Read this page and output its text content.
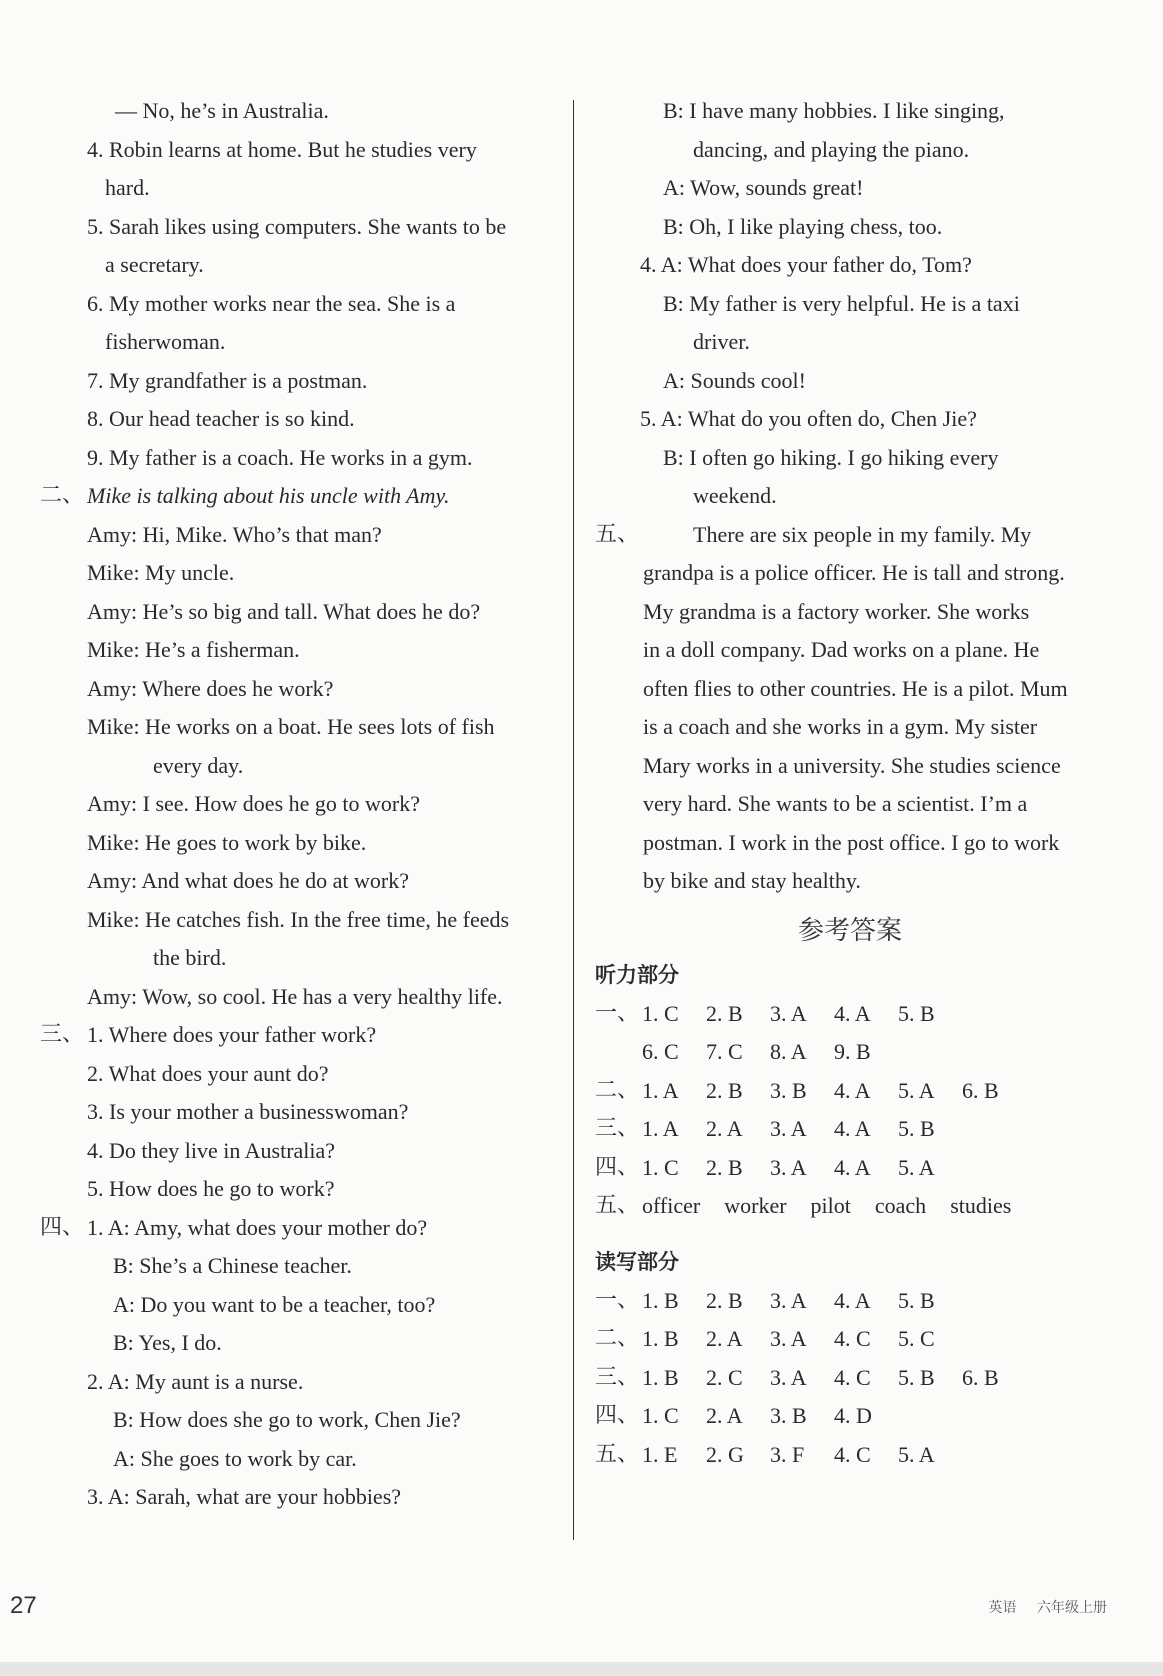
— No, he’s in Australia.
4. Robin learns at home. But he studies very
hard.
5. Sarah likes using computers. She wants to be
a secretary.
6. My mother works near the sea. She is a
fisherwoman.
7. My grandfather is a postman.
8. Our head teacher is so kind.
9. My father is a coach. He works in a gym.
二、 Mike is talking about his uncle with Amy.
Amy: Hi, Mike. Who’s that man?
Mike: My uncle.
Amy: He’s so big and tall. What does he do?
Mike: He’s a fisherman.
Amy: Where does he work?
Mike: He works on a boat. He sees lots of fish
every day.
Amy: I see. How does he go to work?
Mike: He goes to work by bike.
Amy: And what does he do at work?
Mike: He catches fish. In the free time, he feeds
the bird.
Amy: Wow, so cool. He has a very healthy life.
三、 1. Where does your father work?
2. What does your aunt do?
3. Is your mother a businesswoman?
4. Do they live in Australia?
5. How does he go to work?
四、 1. A: Amy, what does your mother do?
B: She’s a Chinese teacher.
A: Do you want to be a teacher, too?
B: Yes, I do.
2. A: My aunt is a nurse.
B: How does she go to work, Chen Jie?
A: She goes to work by car.
3. A: Sarah, what are your hobbies?
B: I have many hobbies. I like singing,
dancing, and playing the piano.
A: Wow, sounds great!
B: Oh, I like playing chess, too.
4. A: What does your father do, Tom?
B: My father is very helpful. He is a taxi
driver.
A: Sounds cool!
5. A: What do you often do, Chen Jie?
B: I often go hiking. I go hiking every
weekend.
五、 There are six people in my family. My
grandpa is a police officer. He is tall and strong.
My grandma is a factory worker. She works
in a doll company. Dad works on a plane. He
often flies to other countries. He is a pilot. Mum
is a coach and she works in a gym. My sister
Mary works in a university. She studies science
very hard. She wants to be a scientist. I’m a
postman. I work in the post office. I go to work
by bike and stay healthy.
参考答案
听力部分
一、 1. C 2. B 3. A 4. A 5. B
6. C 7. C 8. A 9. B
二、 1. A 2. B 3. B 4. A 5. A 6. B
三、 1. A 2. A 3. A 4. A 5. B
四、 1. C 2. B 3. A 4. A 5. A
五、 officer worker pilot coach studies
读写部分
一、 1. B 2. B 3. A 4. A 5. B
二、 1. B 2. A 3. A 4. C 5. C
三、 1. B 2. C 3. A 4. C 5. B 6. B
四、 1. C 2. A 3. B 4. D
五、 1. E 2. G 3. F 4. C 5. A
27	英语 六年级上册
